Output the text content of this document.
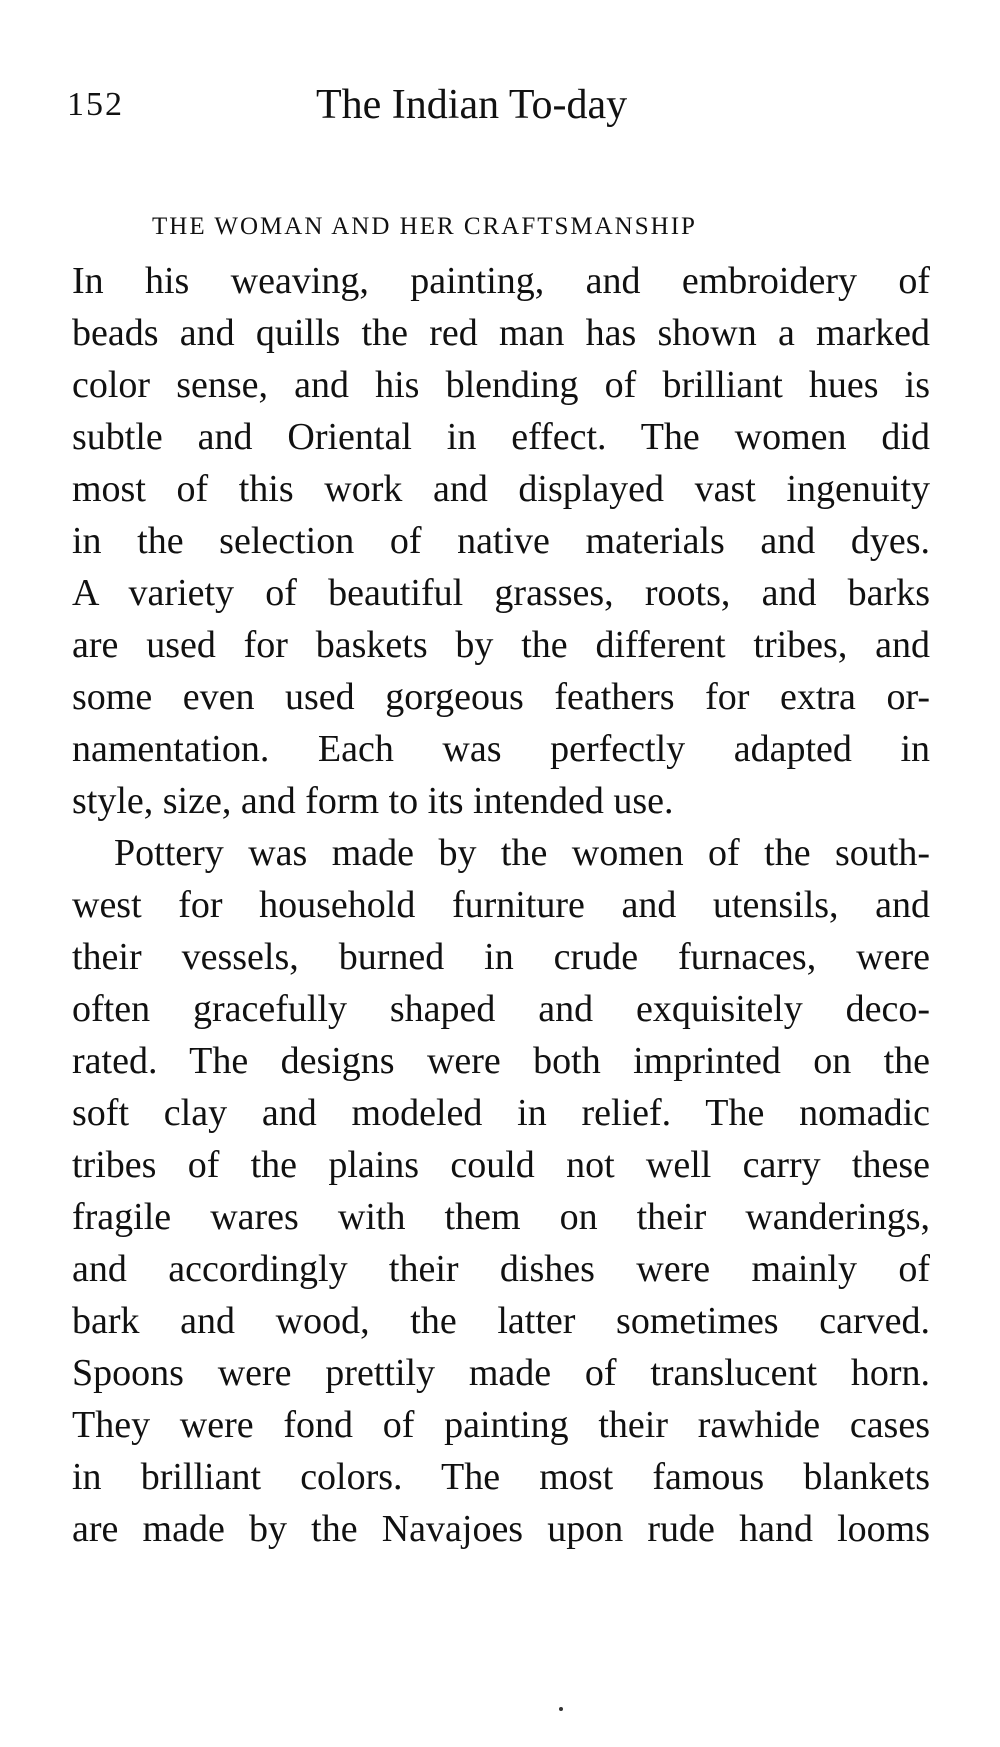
152	The Indian To-day
THE WOMAN AND HER CRAFTSMANSHIP
In his weaving, painting, and embroidery of
beads and quills the red man has shown a marked
color sense, and his blending of brilliant hues is
subtle and Oriental in effect. The women did
most of this work and displayed vast ingenuity
in the selection of native materials and dyes.
A variety of beautiful grasses, roots, and barks
are used for baskets by the different tribes, and
some even used gorgeous feathers for extra or-
namentation. Each was perfectly adapted in
style, size, and form to its intended use.
Pottery was made by the women of the south-
west for household furniture and utensils, and
their vessels, burned in crude furnaces, were
often gracefully shaped and exquisitely deco-
rated. The designs were both imprinted on the
soft clay and modeled in relief. The nomadic
tribes of the plains could not well carry these
fragile wares with them on their wanderings,
and accordingly their dishes were mainly of
bark and wood, the latter sometimes carved.
Spoons were prettily made of translucent horn.
They were fond of painting their rawhide cases
in brilliant colors. The most famous blankets
are made by the Navajoes upon rude hand looms
